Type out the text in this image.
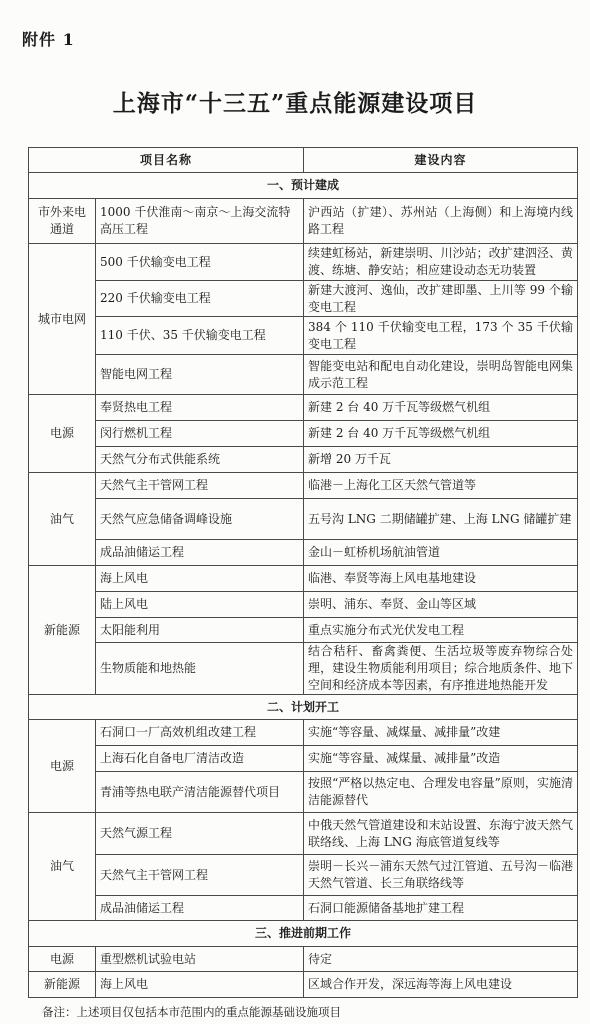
附件 1
上海市“十三五”重点能源建设项目
项目名称		建设内容
一、预计建成		
市外来电通道	1000 千伏淮南～南京～上海交流特高压工程	沪西站（扩建）、苏州站（上海侧）和上海境内线路工程
城市电网	500 千伏输变电工程	续建虹杨站，新建崇明、川沙站；改扩建泗泾、黄渡、练塘、静安站；相应建设动态无功装置
	220 千伏输变电工程	新建大渡河、逸仙，改扩建即墨、上川等 99 个输变电工程
	110 千伏、35 千伏输变电工程	384 个 110 千伏输变电工程，173 个 35 千伏输变电工程
	智能电网工程	智能变电站和配电自动化建设，崇明岛智能电网集成示范工程
电源	奉贤热电工程	新建 2 台 40 万千瓦等级燃气机组
	闵行燃机工程	新建 2 台 40 万千瓦等级燃气机组
	天然气分布式供能系统	新增 20 万千瓦
油气	天然气主干管网工程	临港－上海化工区天然气管道等
	天然气应急储备调峰设施	五号沟 LNG 二期储罐扩建、上海 LNG 储罐扩建
	成品油储运工程	金山－虹桥机场航油管道
新能源	海上风电	临港、奉贤等海上风电基地建设
	陆上风电	崇明、浦东、奉贤、金山等区域
	太阳能利用	重点实施分布式光伏发电工程
	生物质能和地热能	结合秸秆、畜禽粪便、生活垃圾等废弃物综合处理，建设生物质能利用项目；综合地质条件、地下空间和经济成本等因素，有序推进地热能开发
二、计划开工		
电源	石洞口一厂高效机组改建工程	实施“等容量、减煤量、减排量”改建
	上海石化自备电厂清洁改造	实施“等容量、减煤量、减排量”改造
	青浦等热电联产清洁能源替代项目	按照“严格以热定电、合理发电容量”原则，实施清洁能源替代
油气	天然气源工程	中俄天然气管道建设和末站设置、东海宁波天然气联络线、上海 LNG 海底管道复线等
	天然气主干管网工程	崇明－长兴－浦东天然气过江管道、五号沟－临港天然气管道、长三角联络线等
	成品油储运工程	石洞口能源储备基地扩建工程
三、推进前期工作		
电源	重型燃机试验电站	待定
新能源	海上风电	区域合作开发，深远海等海上风电建设
备注：上述项目仅包括本市范围内的重点能源基础设施项目
